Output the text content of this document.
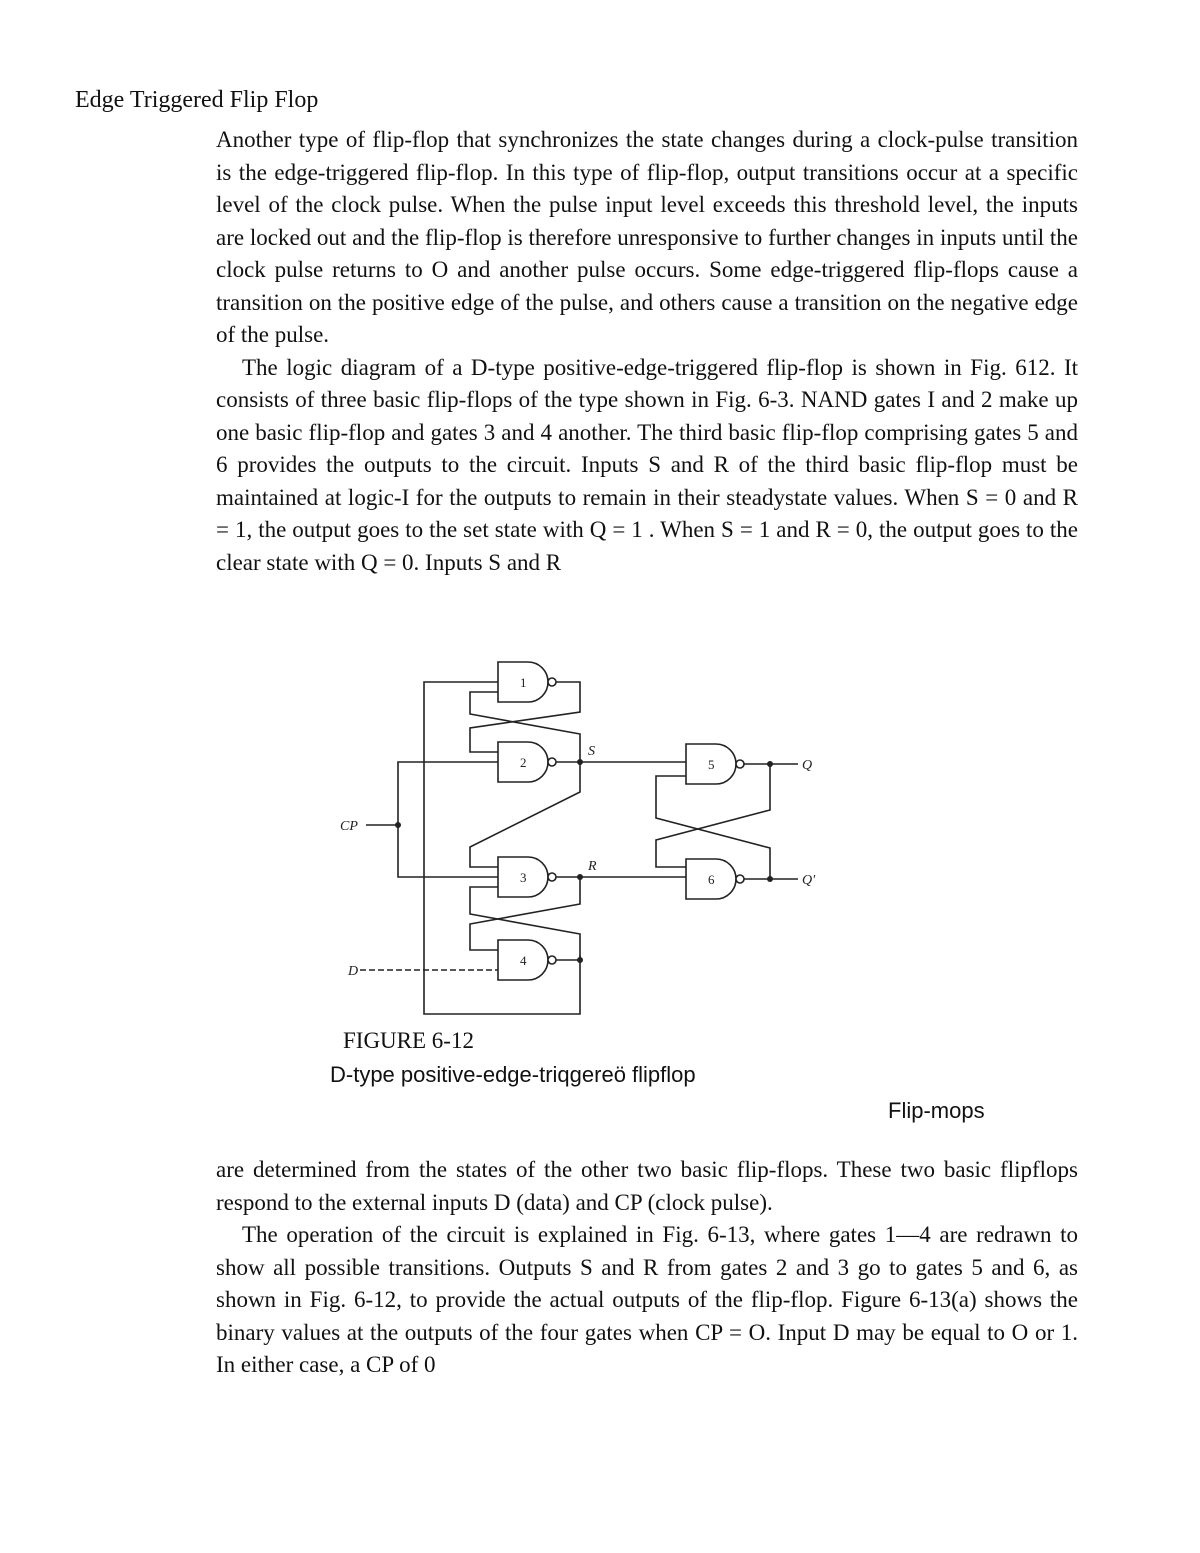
Edge Triggered Flip Flop

Another type of flip-flop that synchronizes the state changes during a clock-pulse transition is the edge-triggered flip-flop. In this type of flip-flop, output transitions occur at a specific level of the clock pulse. When the pulse input level exceeds this threshold level, the inputs are locked out and the flip-flop is therefore unresponsive to further changes in inputs until the clock pulse returns to O and another pulse occurs. Some edge-triggered flip-flops cause a transition on the positive edge of the pulse, and others cause a transition on the negative edge of the pulse.

The logic diagram of a D-type positive-edge-triggered flip-flop is shown in Fig. 612. It consists of three basic flip-flops of the type shown in Fig. 6-3. NAND gates I and 2 make up one basic flip-flop and gates 3 and 4 another. The third basic flip-flop comprising gates 5 and 6 provides the outputs to the circuit. Inputs S and R of the third basic flip-flop must be maintained at logic-I for the outputs to remain in their steadystate values. When S = 0 and R = 1, the output goes to the set state with Q = 1 . When S = 1 and R = 0, the output goes to the clear state with Q = 0. Inputs S and R

1
2
3
4
S
R
5
6
Q
Q'
CP
D
FIGURE 6-12
D-type positive-edge-triqgereö flipflop
Flip-mops

are determined from the states of the other two basic flip-flops. These two basic flipflops respond to the external inputs D (data) and CP (clock pulse).

The operation of the circuit is explained in Fig. 6-13, where gates 1—4 are redrawn to show all possible transitions. Outputs S and R from gates 2 and 3 go to gates 5 and 6, as shown in Fig. 6-12, to provide the actual outputs of the flip-flop. Figure 6-13(a) shows the binary values at the outputs of the four gates when CP = O. Input D may be equal to O or 1. In either case, a CP of 0
